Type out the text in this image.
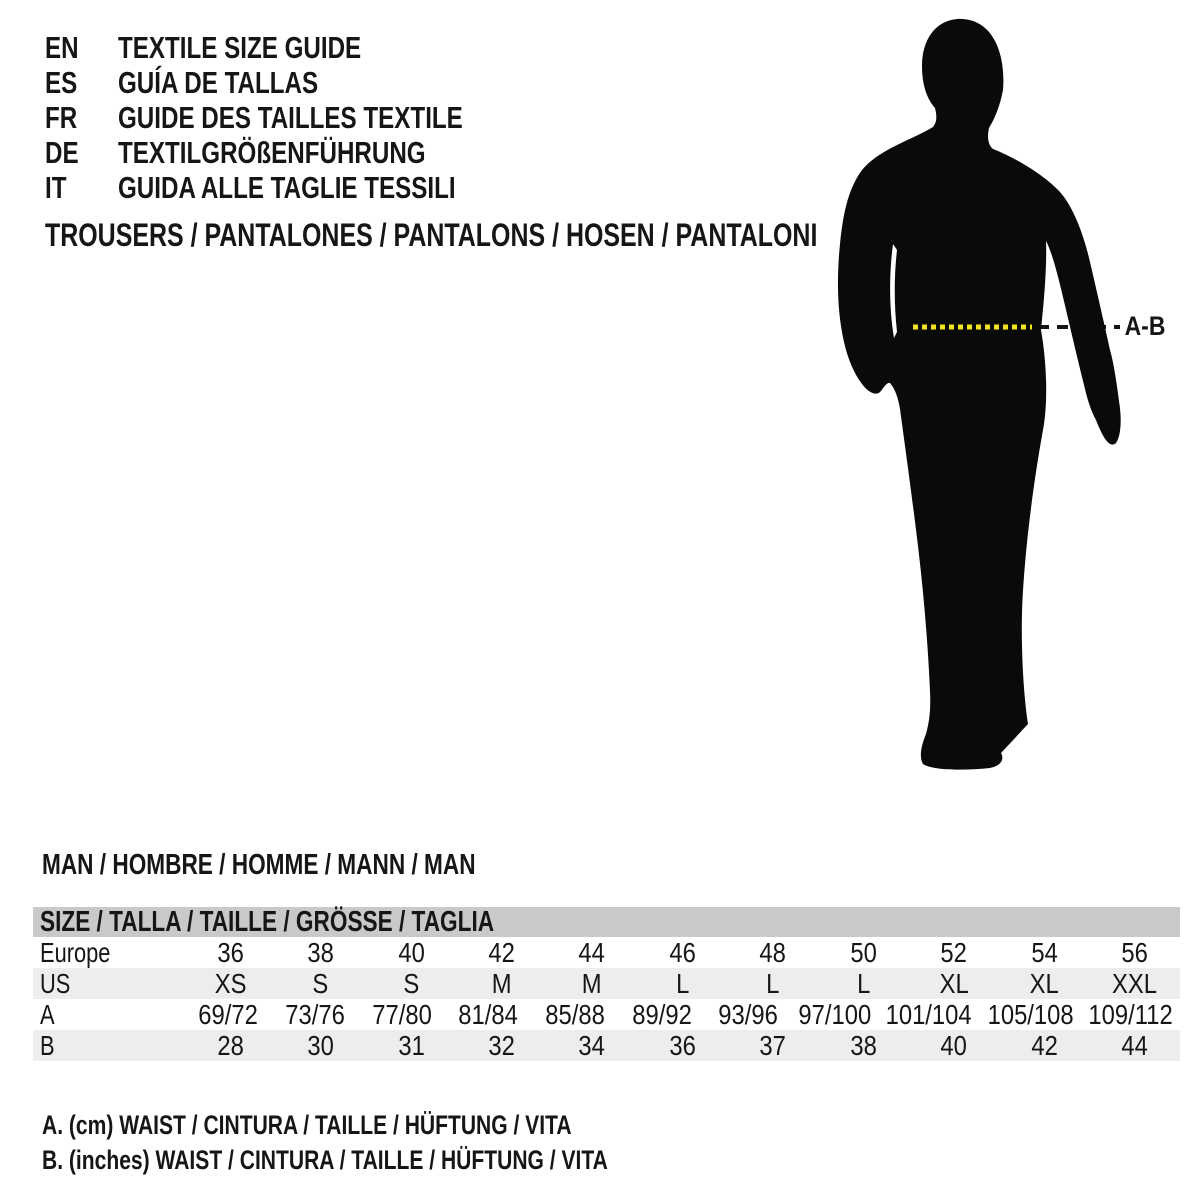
EN TEXTILE SIZE GUIDE
ES GUÍA DE TALLAS
FR GUIDE DES TAILLES TEXTILE
DE TEXTILGRÖßENFÜHRUNG
IT GUIDA ALLE TAGLIE TESSILI
TROUSERS / PANTALONES / PANTALONS / HOSEN / PANTALONI
A-B
MAN / HOMBRE / HOMME / MANN / MAN
SIZE / TALLA / TAILLE / GRÖSSE / TAGLIA
Europe	36	38	40	42	44	46	48	50	52	54	56
US	XS	S	S	M	M	L	L	L	XL	XL	XXL
A	69/72 73/76 77/80 81/84 85/88 89/92 93/96 97/100 101/104 105/108 109/112
B	28	30	31	32	34	36	37	38	40	42	44
A. (cm) WAIST / CINTURA / TAILLE / HÜFTUNG / VITA
B. (inches) WAIST / CINTURA / TAILLE / HÜFTUNG / VITA
